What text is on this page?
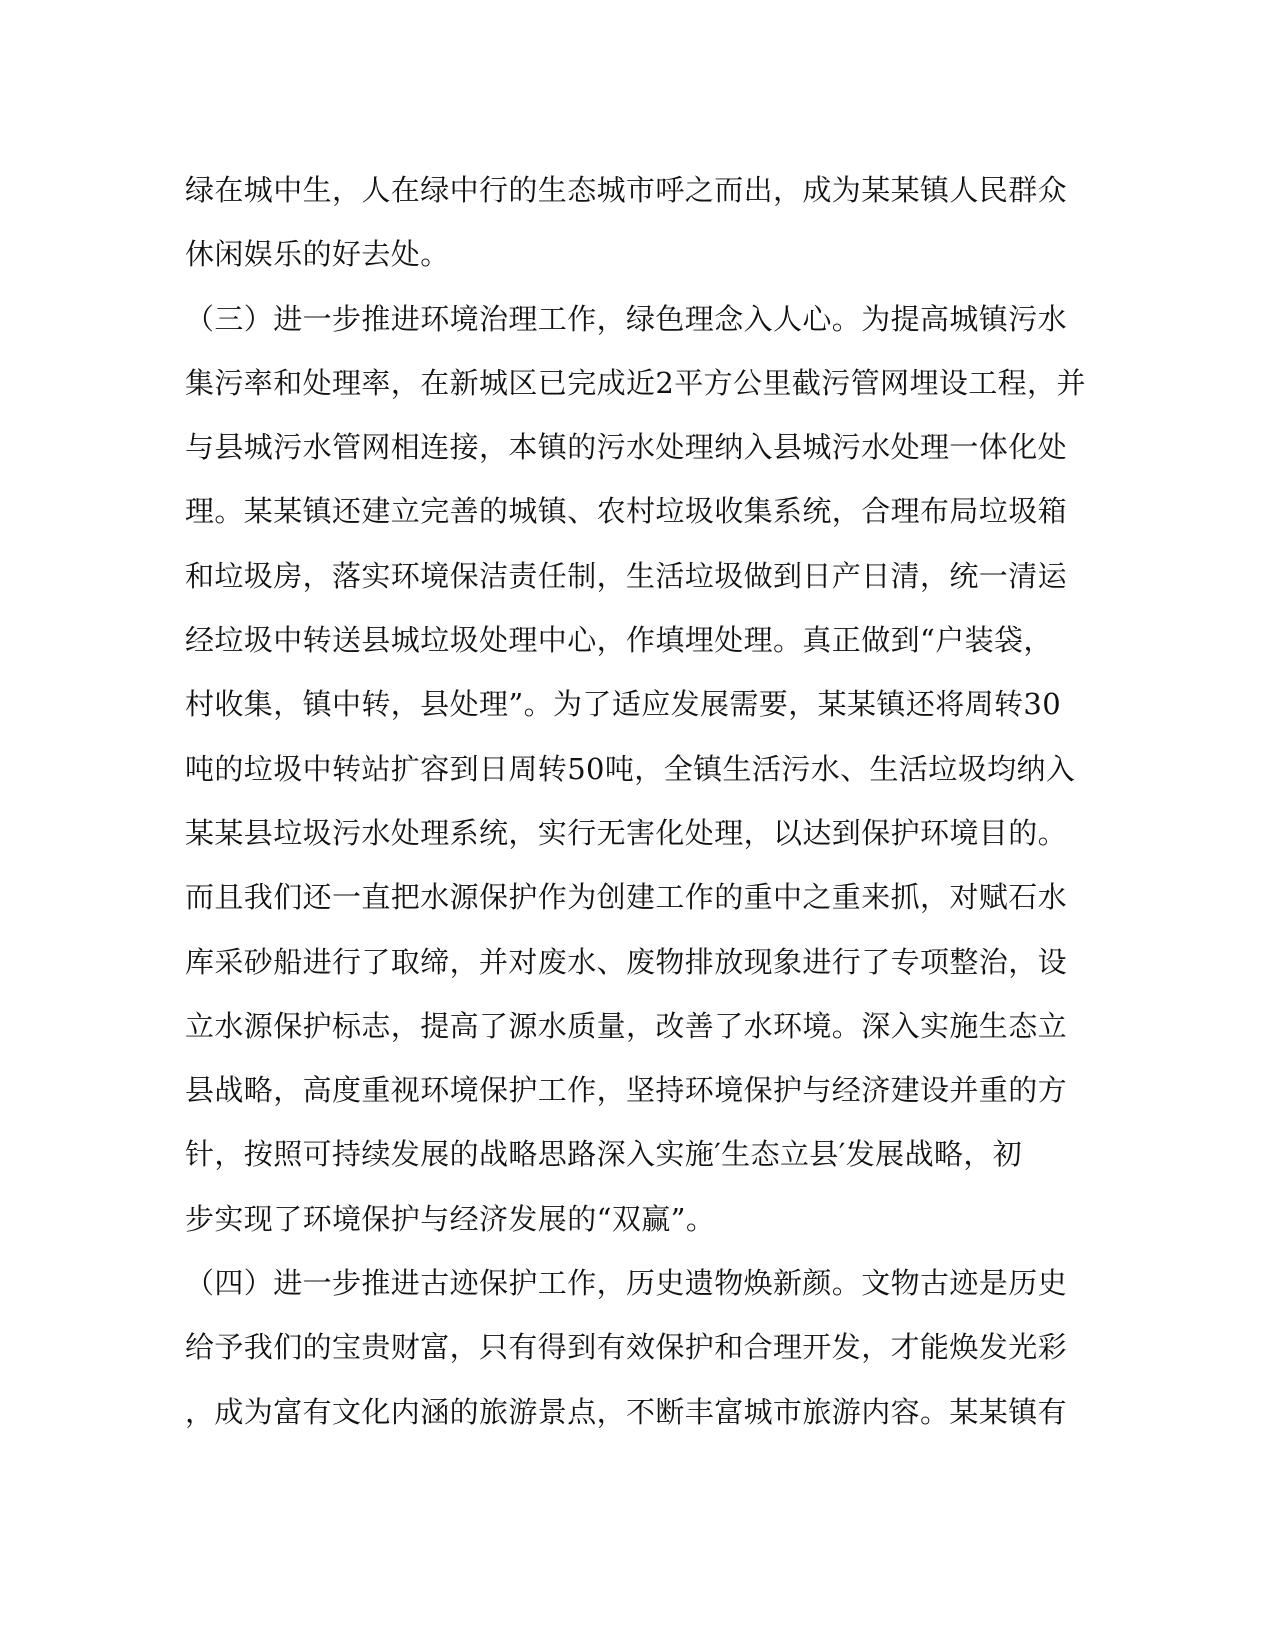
绿在城中生，人在绿中行的生态城市呼之而出，成为某某镇人民群众
休闲娱乐的好去处。
（三）进一步推进环境治理工作，绿色理念入人心。为提高城镇污水
集污率和处理率，在新城区已完成近2平方公里截污管网埋设工程，并
与县城污水管网相连接，本镇的污水处理纳入县城污水处理一体化处
理。某某镇还建立完善的城镇、农村垃圾收集系统，合理布局垃圾箱
和垃圾房，落实环境保洁责任制，生活垃圾做到日产日清，统一清运
经垃圾中转送县城垃圾处理中心，作填埋处理。真正做到“户装袋，
村收集，镇中转，县处理”。为了适应发展需要，某某镇还将周转30
吨的垃圾中转站扩容到日周转50吨，全镇生活污水、生活垃圾均纳入
某某县垃圾污水处理系统，实行无害化处理，以达到保护环境目的。
而且我们还一直把水源保护作为创建工作的重中之重来抓，对赋石水
库采砂船进行了取缔，并对废水、废物排放现象进行了专项整治，设
立水源保护标志，提高了源水质量，改善了水环境。深入实施生态立
县战略，高度重视环境保护工作，坚持环境保护与经济建设并重的方
针，按照可持续发展的战略思路深入实施′生态立县′发展战略，初
步实现了环境保护与经济发展的“双赢”。
（四）进一步推进古迹保护工作，历史遗物焕新颜。文物古迹是历史
给予我们的宝贵财富，只有得到有效保护和合理开发，才能焕发光彩
，成为富有文化内涵的旅游景点，不断丰富城市旅游内容。某某镇有
